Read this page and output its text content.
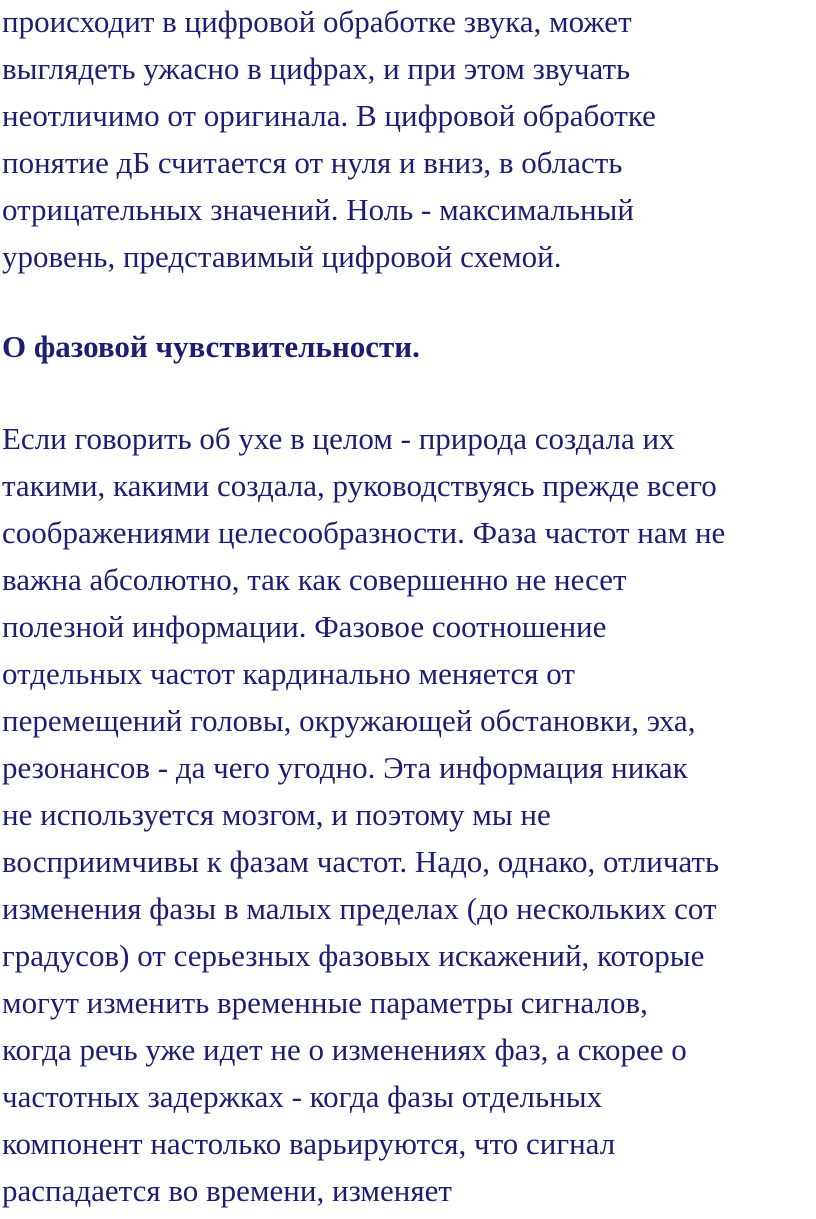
происходит в цифровой обработке звука, может
выглядеть ужасно в цифрах, и при этом звучать
неотличимо от оригинала. В цифровой обработке
понятие дБ считается от нуля и вниз, в область
отрицательных значений. Ноль - максимальный
уровень, представимый цифровой схемой.
О фазовой чувствительности.
Если говорить об ухе в целом - природа создала их
такими, какими создала, руководствуясь прежде всего
соображениями целесообразности. Фаза частот нам не
важна абсолютно, так как совершенно не несет
полезной информации. Фазовое соотношение
отдельных частот кардинально меняется от
перемещений головы, окружающей обстановки, эха,
резонансов - да чего угодно. Эта информация никак
не используется мозгом, и поэтому мы не
восприимчивы к фазам частот. Надо, однако, отличать
изменения фазы в малых пределах (до нескольких сот
градусов) от серьезных фазовых искажений, которые
могут изменить временные параметры сигналов,
когда речь уже идет не о изменениях фаз, а скорее о
частотных задержках - когда фазы отдельных
компонент настолько варьируются, что сигнал
распадается во времени, изменяет
